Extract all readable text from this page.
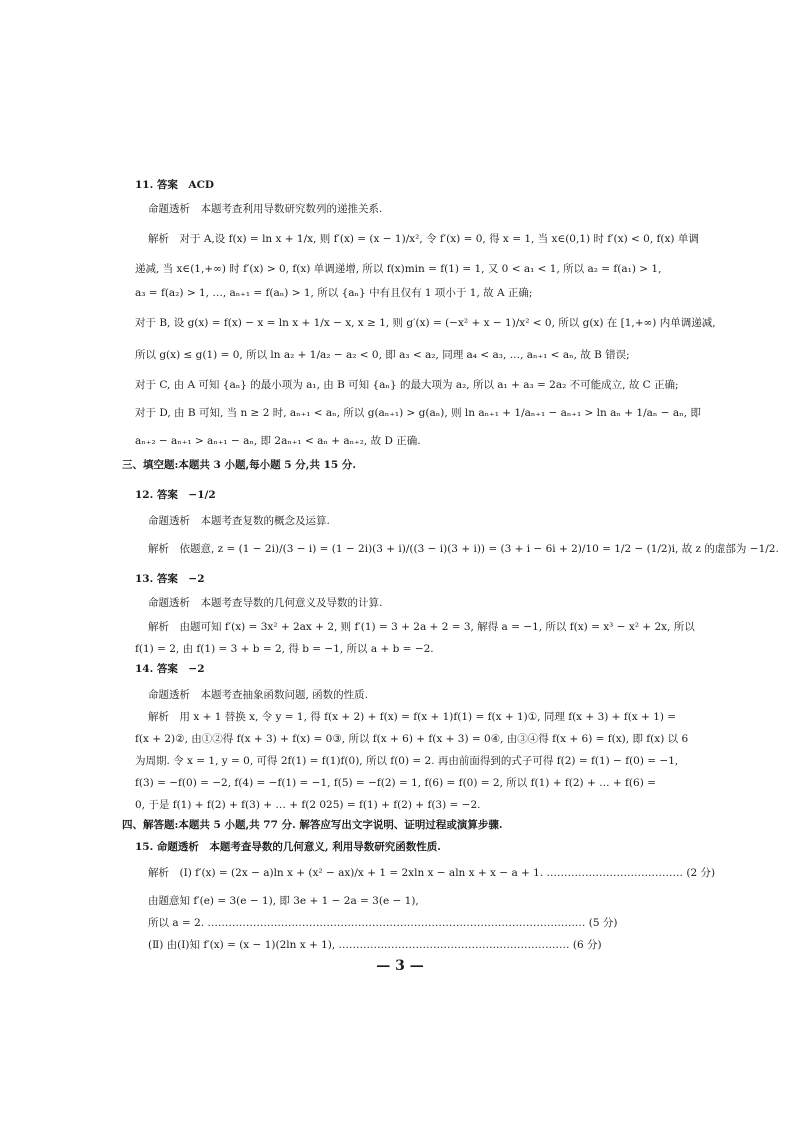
11. 答案　ACD
命题透析　本题考查利用导数研究数列的递推关系.
解析　对于 A,设 f(x) = ln x + 1/x, 则 f′(x) = (x − 1)/x², 令 f′(x) = 0, 得 x = 1, 当 x∈(0,1) 时 f′(x) < 0, f(x) 单调
递减, 当 x∈(1,+∞) 时 f′(x) > 0, f(x) 单调递增, 所以 f(x)min = f(1) = 1, 又 0 < a₁ < 1, 所以 a₂ = f(a₁) > 1,
a₃ = f(a₂) > 1, …, aₙ₊₁ = f(aₙ) > 1, 所以 {aₙ} 中有且仅有 1 项小于 1, 故 A 正确;
对于 B, 设 g(x) = f(x) − x = ln x + 1/x − x, x ≥ 1, 则 g′(x) = (−x² + x − 1)/x² < 0, 所以 g(x) 在 [1,+∞) 内单调递减,
所以 g(x) ≤ g(1) = 0, 所以 ln a₂ + 1/a₂ − a₂ < 0, 即 a₃ < a₂, 同理 a₄ < a₃, …, aₙ₊₁ < aₙ, 故 B 错误;
对于 C, 由 A 可知 {aₙ} 的最小项为 a₁, 由 B 可知 {aₙ} 的最大项为 a₂, 所以 a₁ + a₃ = 2a₂ 不可能成立, 故 C 正确;
对于 D, 由 B 可知, 当 n ≥ 2 时, aₙ₊₁ < aₙ, 所以 g(aₙ₊₁) > g(aₙ), 则 ln aₙ₊₁ + 1/aₙ₊₁ − aₙ₊₁ > ln aₙ + 1/aₙ − aₙ, 即
aₙ₊₂ − aₙ₊₁ > aₙ₊₁ − aₙ, 即 2aₙ₊₁ < aₙ + aₙ₊₂, 故 D 正确.
三、填空题:本题共 3 小题,每小题 5 分,共 15 分.
12. 答案　−1/2
命题透析　本题考查复数的概念及运算.
解析　依题意, z = (1 − 2i)/(3 − i) = (1 − 2i)(3 + i)/((3 − i)(3 + i)) = (3 + i − 6i + 2)/10 = 1/2 − (1/2)i, 故 z 的虚部为 −1/2.
13. 答案　−2
命题透析　本题考查导数的几何意义及导数的计算.
解析　由题可知 f′(x) = 3x² + 2ax + 2, 则 f′(1) = 3 + 2a + 2 = 3, 解得 a = −1, 所以 f(x) = x³ − x² + 2x, 所以
f(1) = 2, 由 f(1) = 3 + b = 2, 得 b = −1, 所以 a + b = −2.
14. 答案　−2
命题透析　本题考查抽象函数问题, 函数的性质.
解析　用 x + 1 替换 x, 令 y = 1, 得 f(x + 2) + f(x) = f(x + 1)f(1) = f(x + 1)①, 同理 f(x + 3) + f(x + 1) =
f(x + 2)②, 由①②得 f(x + 3) + f(x) = 0③, 所以 f(x + 6) + f(x + 3) = 0④, 由③④得 f(x + 6) = f(x), 即 f(x) 以 6
为周期. 令 x = 1, y = 0, 可得 2f(1) = f(1)f(0), 所以 f(0) = 2. 再由前面得到的式子可得 f(2) = f(1) − f(0) = −1,
f(3) = −f(0) = −2, f(4) = −f(1) = −1, f(5) = −f(2) = 1, f(6) = f(0) = 2, 所以 f(1) + f(2) + … + f(6) =
0, 于是 f(1) + f(2) + f(3) + … + f(2 025) = f(1) + f(2) + f(3) = −2.
四、解答题:本题共 5 小题,共 77 分. 解答应写出文字说明、证明过程或演算步骤.
15. 命题透析　本题考查导数的几何意义, 利用导数研究函数性质.
解析　(Ⅰ) f′(x) = (2x − a)ln x + (x² − ax)/x + 1 = 2xln x − aln x + x − a + 1. ………………………………… (2 分)
由题意知 f′(e) = 3(e − 1), 即 3e + 1 − 2a = 3(e − 1),
所以 a = 2. ……………………………………………………………………………………………… (5 分)
(Ⅱ) 由(Ⅰ)知 f′(x) = (x − 1)(2ln x + 1), ………………………………………………………… (6 分)
— 3 —
